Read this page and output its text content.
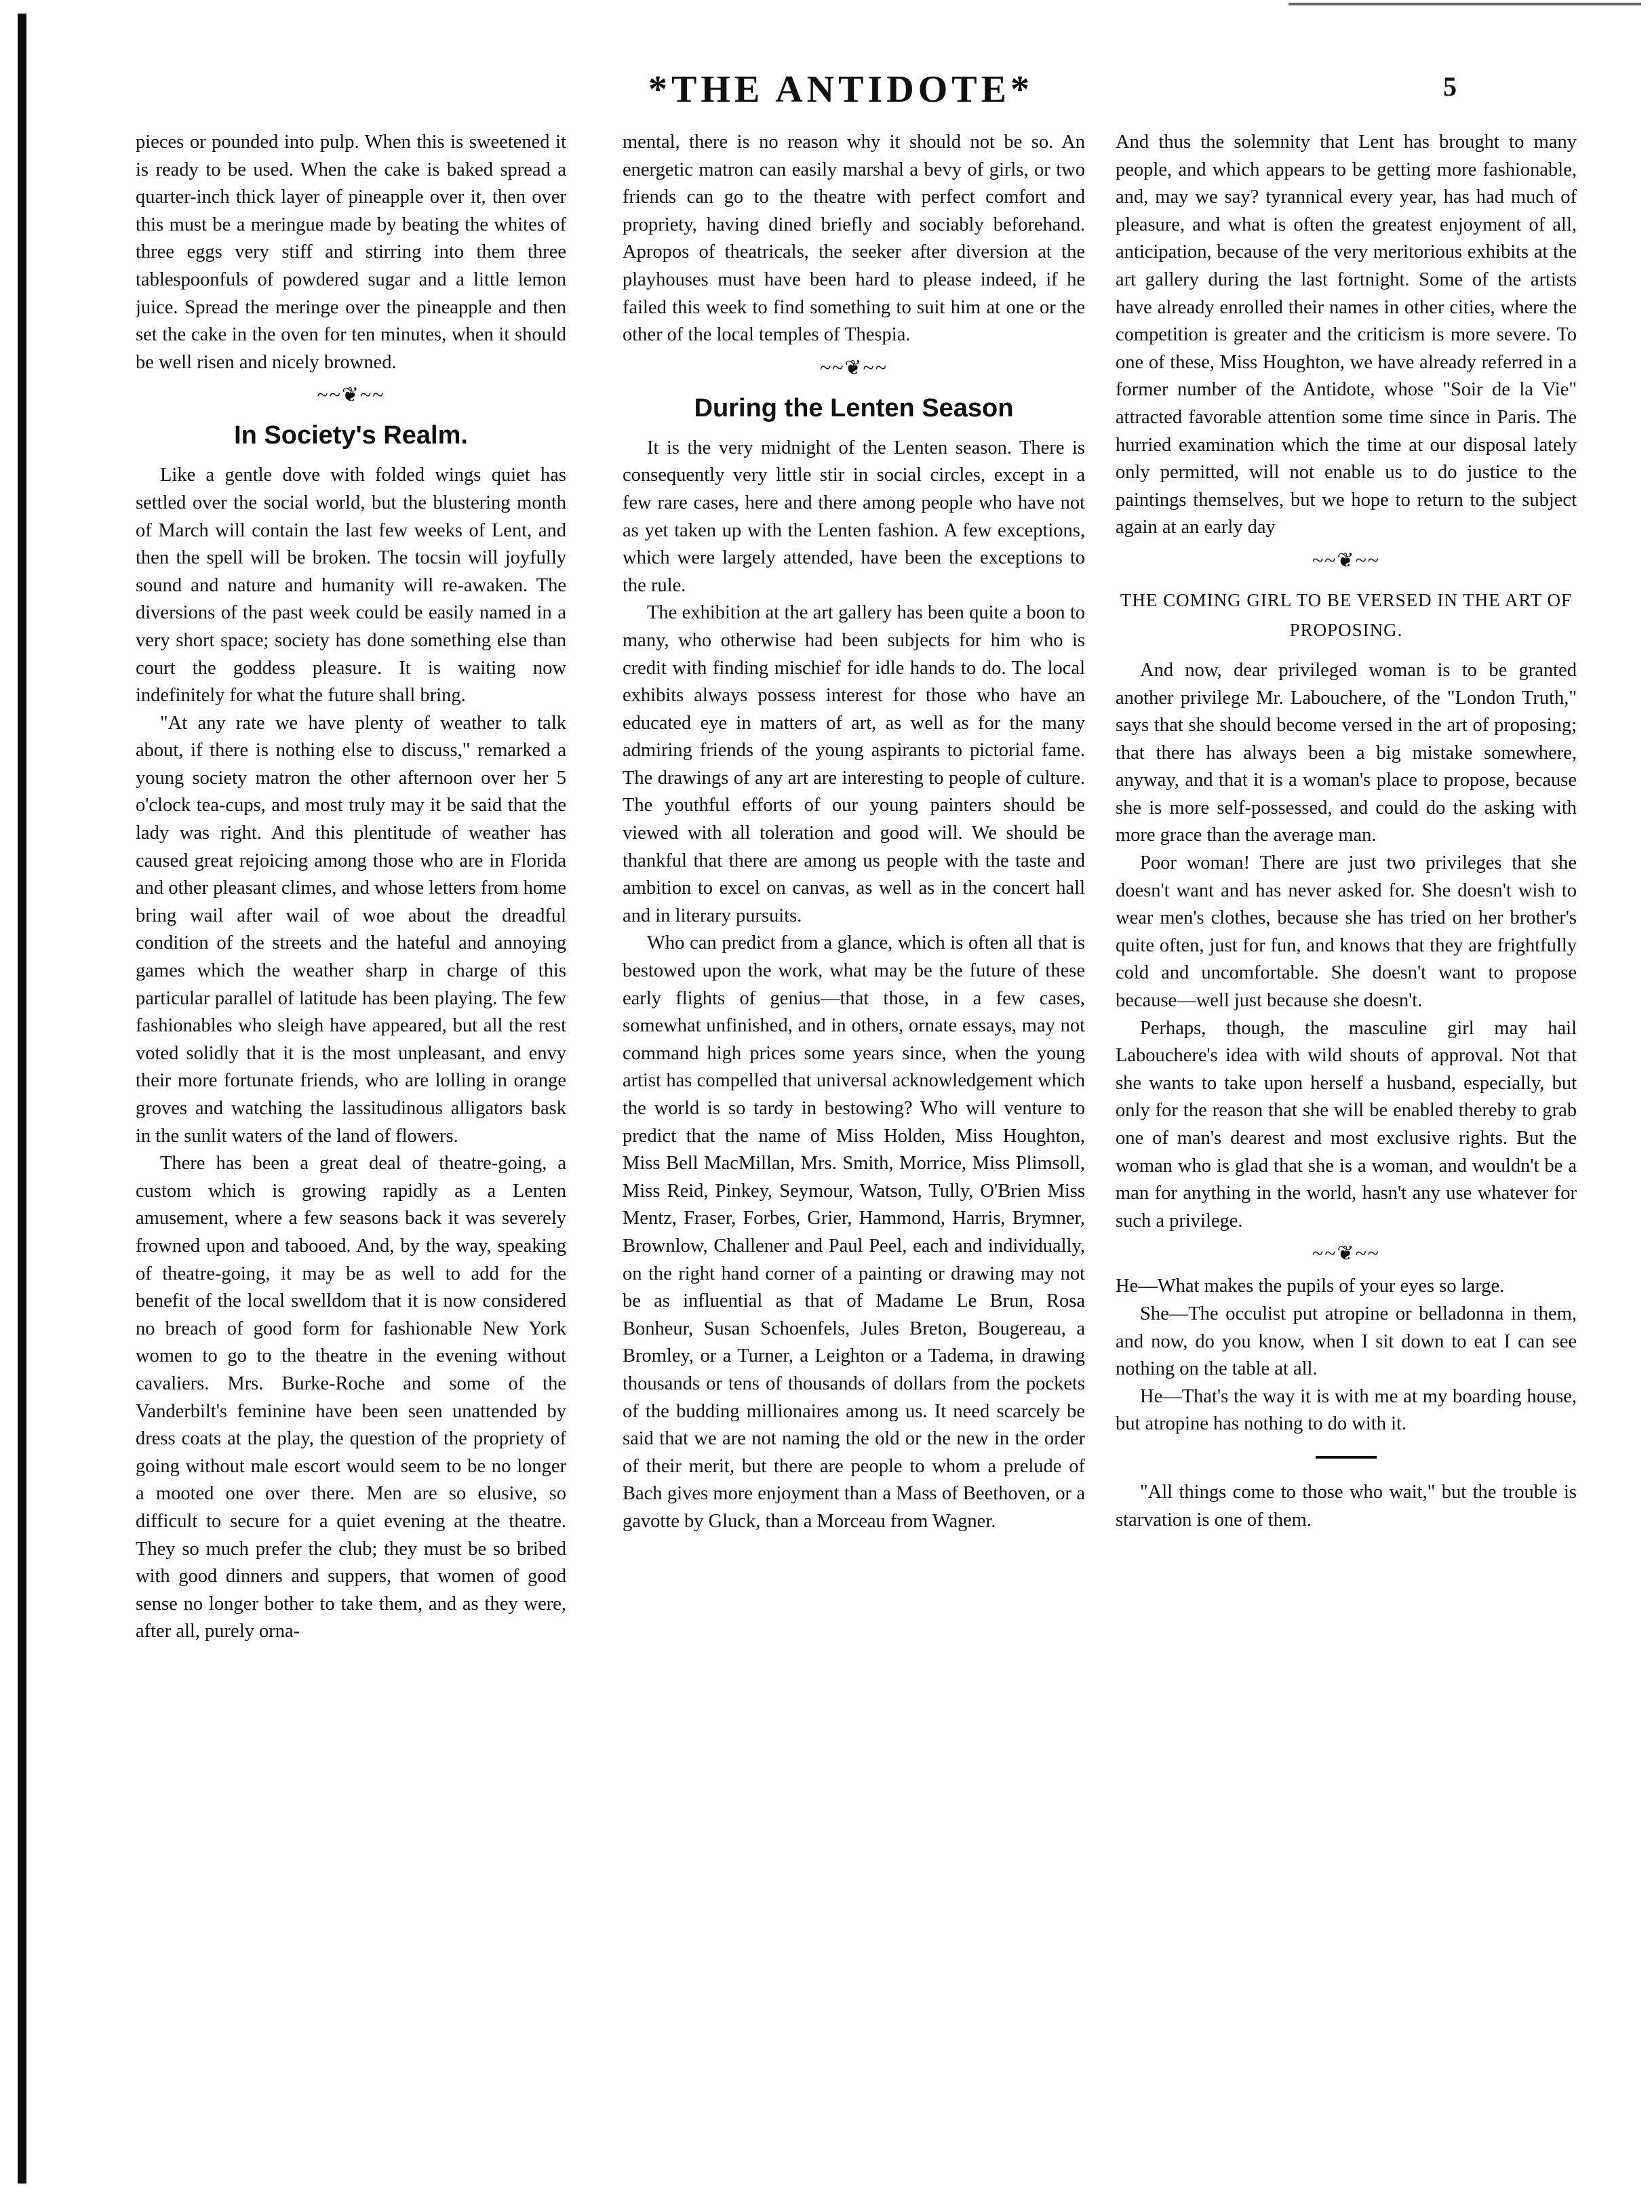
*THE ANTIDOTE*	5

pieces or pounded into pulp. When this is sweetened it is ready to be used. When the cake is baked spread a quarter-inch thick layer of pineapple over it, then over this must be a meringue made by beating the whites of three eggs very stiff and stirring into them three tablespoonfuls of powdered sugar and a little lemon juice. Spread the meringe over the pineapple and then set the cake in the oven for ten minutes, when it should be well risen and nicely browned.

~~❦~~
In Society's Realm.

Like a gentle dove with folded wings quiet has settled over the social world, but the blustering month of March will contain the last few weeks of Lent, and then the spell will be broken. The tocsin will joyfully sound and nature and humanity will re-awaken. The diversions of the past week could be easily named in a very short space; society has done something else than court the goddess pleasure. It is waiting now indefinitely for what the future shall bring.

"At any rate we have plenty of weather to talk about, if there is nothing else to discuss," remarked a young society matron the other afternoon over her 5 o'clock tea-cups, and most truly may it be said that the lady was right. And this plentitude of weather has caused great rejoicing among those who are in Florida and other pleasant climes, and whose letters from home bring wail after wail of woe about the dreadful condition of the streets and the hateful and annoying games which the weather sharp in charge of this particular parallel of latitude has been playing. The few fashionables who sleigh have appeared, but all the rest voted solidly that it is the most unpleasant, and envy their more fortunate friends, who are lolling in orange groves and watching the lassitudinous alligators bask in the sunlit waters of the land of flowers.

There has been a great deal of theatre-going, a custom which is growing rapidly as a Lenten amusement, where a few seasons back it was severely frowned upon and tabooed. And, by the way, speaking of theatre-going, it may be as well to add for the benefit of the local swelldom that it is now considered no breach of good form for fashionable New York women to go to the theatre in the evening without cavaliers. Mrs. Burke-Roche and some of the Vanderbilt's feminine have been seen unattended by dress coats at the play, the question of the propriety of going without male escort would seem to be no longer a mooted one over there. Men are so elusive, so difficult to secure for a quiet evening at the theatre. They so much prefer the club; they must be so bribed with good dinners and suppers, that women of good sense no longer bother to take them, and as they were, after all, purely orna-

mental, there is no reason why it should not be so. An energetic matron can easily marshal a bevy of girls, or two friends can go to the theatre with perfect comfort and propriety, having dined briefly and sociably beforehand. Apropos of theatricals, the seeker after diversion at the playhouses must have been hard to please indeed, if he failed this week to find something to suit him at one or the other of the local temples of Thespia.

~~❦~~
During the Lenten Season

It is the very midnight of the Lenten season. There is consequently very little stir in social circles, except in a few rare cases, here and there among people who have not as yet taken up with the Lenten fashion. A few exceptions, which were largely attended, have been the exceptions to the rule.

The exhibition at the art gallery has been quite a boon to many, who otherwise had been subjects for him who is credit with finding mischief for idle hands to do. The local exhibits always possess interest for those who have an educated eye in matters of art, as well as for the many admiring friends of the young aspirants to pictorial fame. The drawings of any art are interesting to people of culture. The youthful efforts of our young painters should be viewed with all toleration and good will. We should be thankful that there are among us people with the taste and ambition to excel on canvas, as well as in the concert hall and in literary pursuits.

Who can predict from a glance, which is often all that is bestowed upon the work, what may be the future of these early flights of genius—that those, in a few cases, somewhat unfinished, and in others, ornate essays, may not command high prices some years since, when the young artist has compelled that universal acknowledgement which the world is so tardy in bestowing? Who will venture to predict that the name of Miss Holden, Miss Houghton, Miss Bell MacMillan, Mrs. Smith, Morrice, Miss Plimsoll, Miss Reid, Pinkey, Seymour, Watson, Tully, O'Brien Miss Mentz, Fraser, Forbes, Grier, Hammond, Harris, Brymner, Brownlow, Challener and Paul Peel, each and individually, on the right hand corner of a painting or drawing may not be as influential as that of Madame Le Brun, Rosa Bonheur, Susan Schoenfels, Jules Breton, Bougereau, a Bromley, or a Turner, a Leighton or a Tadema, in drawing thousands or tens of thousands of dollars from the pockets of the budding millionaires among us. It need scarcely be said that we are not naming the old or the new in the order of their merit, but there are people to whom a prelude of Bach gives more enjoyment than a Mass of Beethoven, or a gavotte by Gluck, than a Morceau from Wagner.

And thus the solemnity that Lent has brought to many people, and which appears to be getting more fashionable, and, may we say? tyrannical every year, has had much of pleasure, and what is often the greatest enjoyment of all, anticipation, because of the very meritorious exhibits at the art gallery during the last fortnight. Some of the artists have already enrolled their names in other cities, where the competition is greater and the criticism is more severe. To one of these, Miss Houghton, we have already referred in a former number of the Antidote, whose "Soir de la Vie" attracted favorable attention some time since in Paris. The hurried examination which the time at our disposal lately only permitted, will not enable us to do justice to the paintings themselves, but we hope to return to the subject again at an early day

~~❦~~
THE COMING GIRL TO BE VERSED IN THE ART OF PROPOSING.

And now, dear privileged woman is to be granted another privilege Mr. Labouchere, of the "London Truth," says that she should become versed in the art of proposing; that there has always been a big mistake somewhere, anyway, and that it is a woman's place to propose, because she is more self-possessed, and could do the asking with more grace than the average man.

Poor woman! There are just two privileges that she doesn't want and has never asked for. She doesn't wish to wear men's clothes, because she has tried on her brother's quite often, just for fun, and knows that they are frightfully cold and uncomfortable. She doesn't want to propose because—well just because she doesn't.

Perhaps, though, the masculine girl may hail Labouchere's idea with wild shouts of approval. Not that she wants to take upon herself a husband, especially, but only for the reason that she will be enabled thereby to grab one of man's dearest and most exclusive rights. But the woman who is glad that she is a woman, and wouldn't be a man for anything in the world, hasn't any use whatever for such a privilege.

~~❦~~

He—What makes the pupils of your eyes so large.

She—The occulist put atropine or belladonna in them, and now, do you know, when I sit down to eat I can see nothing on the table at all.

He—That's the way it is with me at my boarding house, but atropine has nothing to do with it.

"All things come to those who wait," but the trouble is starvation is one of them.
